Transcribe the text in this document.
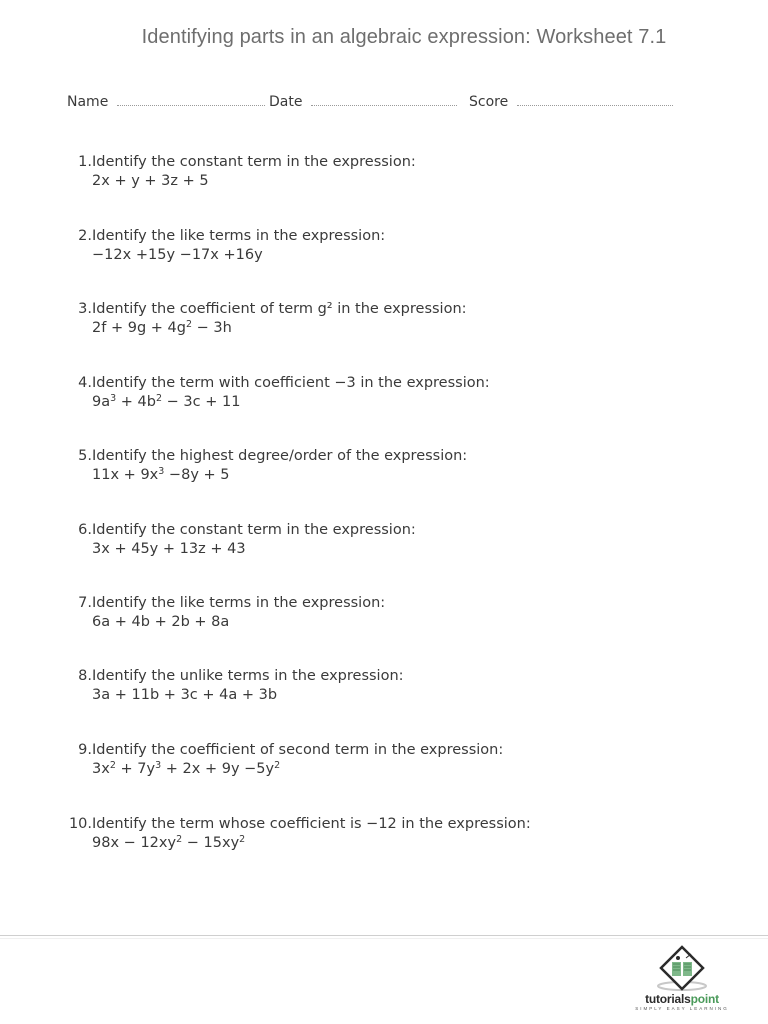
Identifying parts in an algebraic expression: Worksheet 7.1
Name	Date	Score
1. Identify the constant term in the expression:
2x + y + 3z + 5
2. Identify the like terms in the expression:
−12x +15y −17x +16y
3. Identify the coefficient of term g² in the expression:
$2f + 9g + 4g^2 - 3h$
4. Identify the term with coefficient −3 in the expression:
$9a^3 + 4b^2 - 3c + 11$
5. Identify the highest degree/order of the expression:
$11x + 9x^3 -8y + 5$
6. Identify the constant term in the expression:
3x + 45y + 13z + 43
7. Identify the like terms in the expression:
6a + 4b + 2b + 8a
8. Identify the unlike terms in the expression:
3a + 11b + 3c + 4a + 3b
9. Identify the coefficient of second term in the expression:
$3x^2 + 7y^3 + 2x + 9y -5y^2$
10. Identify the term whose coefficient is −12 in the expression:
$98x - 12xy^2 - 15xy^2$
tutorialspoint
SIMPLY EASY LEARNING
